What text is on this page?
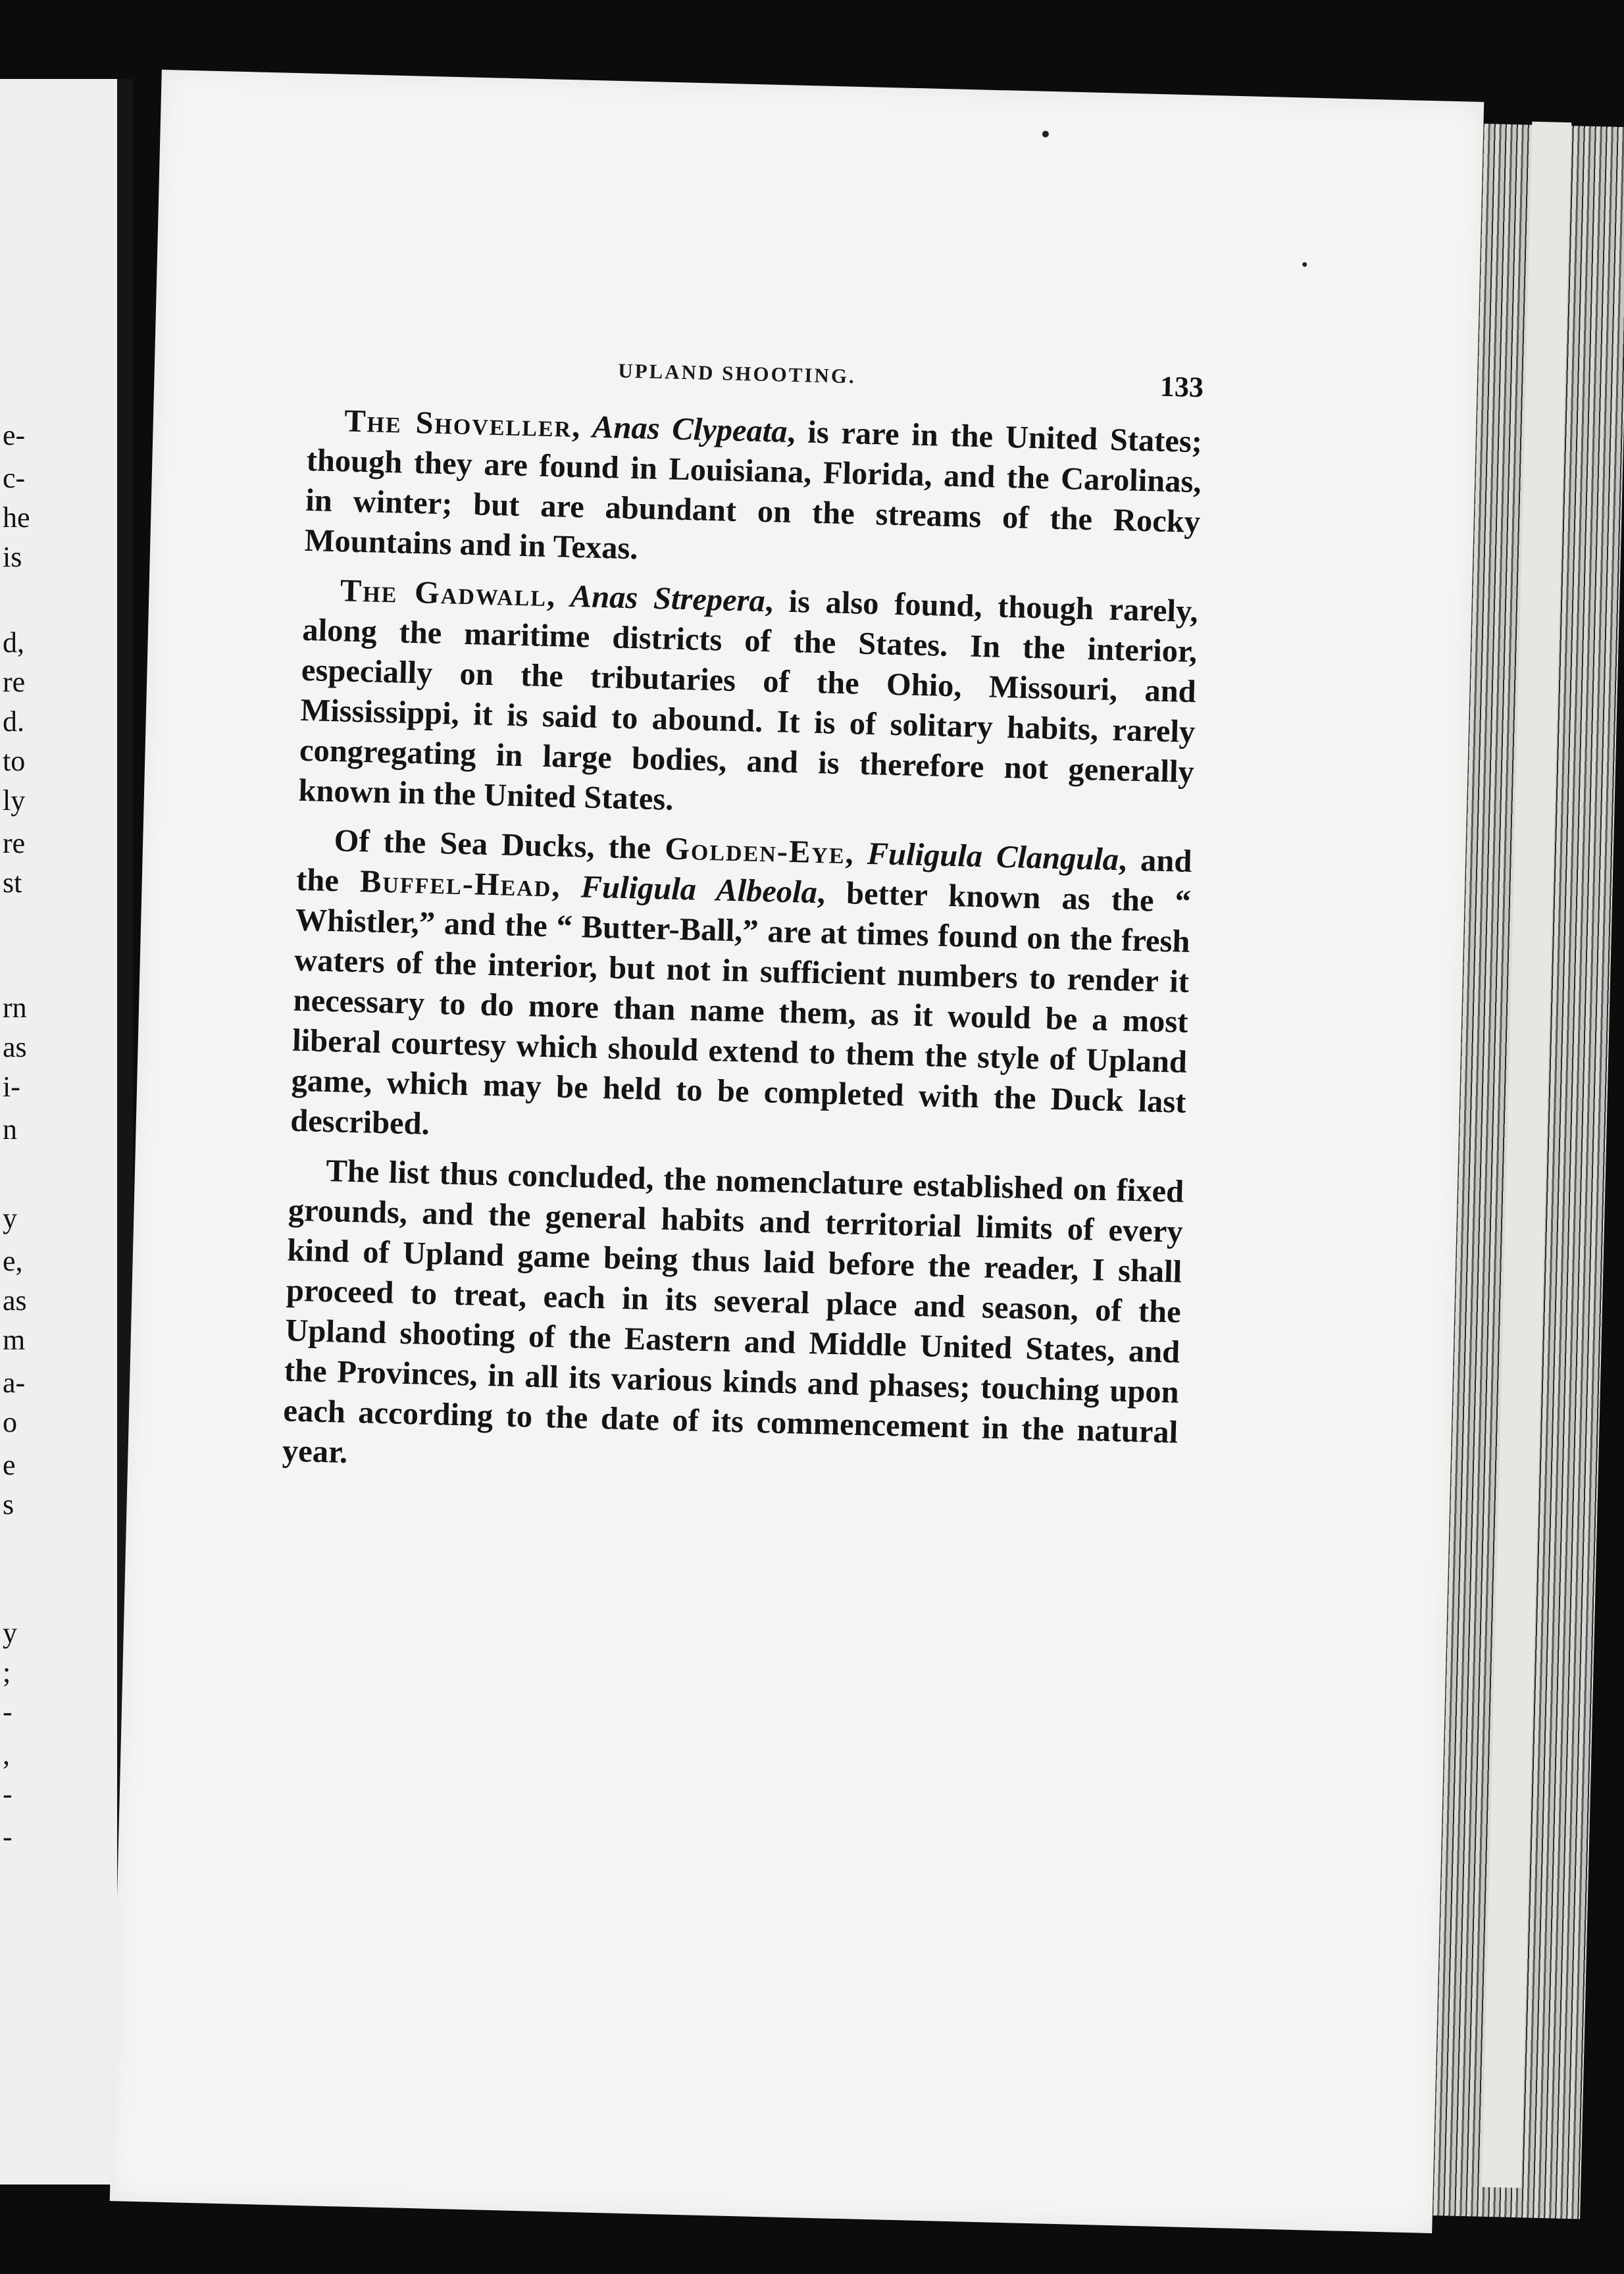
e-
c-
he
is
d,
re
d.
to
ly
re
st
rn
as
i-
n
y
e,
as
m
a-
o
e
s
y
;
-
,
-
-
UPLAND SHOOTING.	133

The Shoveller, Anas Clypeata, is rare in the United States; though they are found in Louisiana, Florida, and the Carolinas, in winter; but are abundant on the streams of the Rocky Mountains and in Texas.

The Gadwall, Anas Strepera, is also found, though rarely, along the maritime districts of the States. In the interior, especially on the tributaries of the Ohio, Missouri, and Mississippi, it is said to abound. It is of solitary habits, rarely congregating in large bodies, and is therefore not generally known in the United States.

Of the Sea Ducks, the Golden-Eye, Fuligula Clangula, and the Buffel-Head, Fuligula Albeola, better known as the “ Whistler,” and the “ Butter-Ball,” are at times found on the fresh waters of the interior, but not in sufficient numbers to render it necessary to do more than name them, as it would be a most liberal courtesy which should extend to them the style of Upland game, which may be held to be completed with the Duck last described.

The list thus concluded, the nomenclature established on fixed grounds, and the general habits and territorial limits of every kind of Upland game being thus laid before the reader, I shall proceed to treat, each in its several place and season, of the Upland shooting of the Eastern and Middle United States, and the Provinces, in all its various kinds and phases; touching upon each according to the date of its commencement in the natural year.
